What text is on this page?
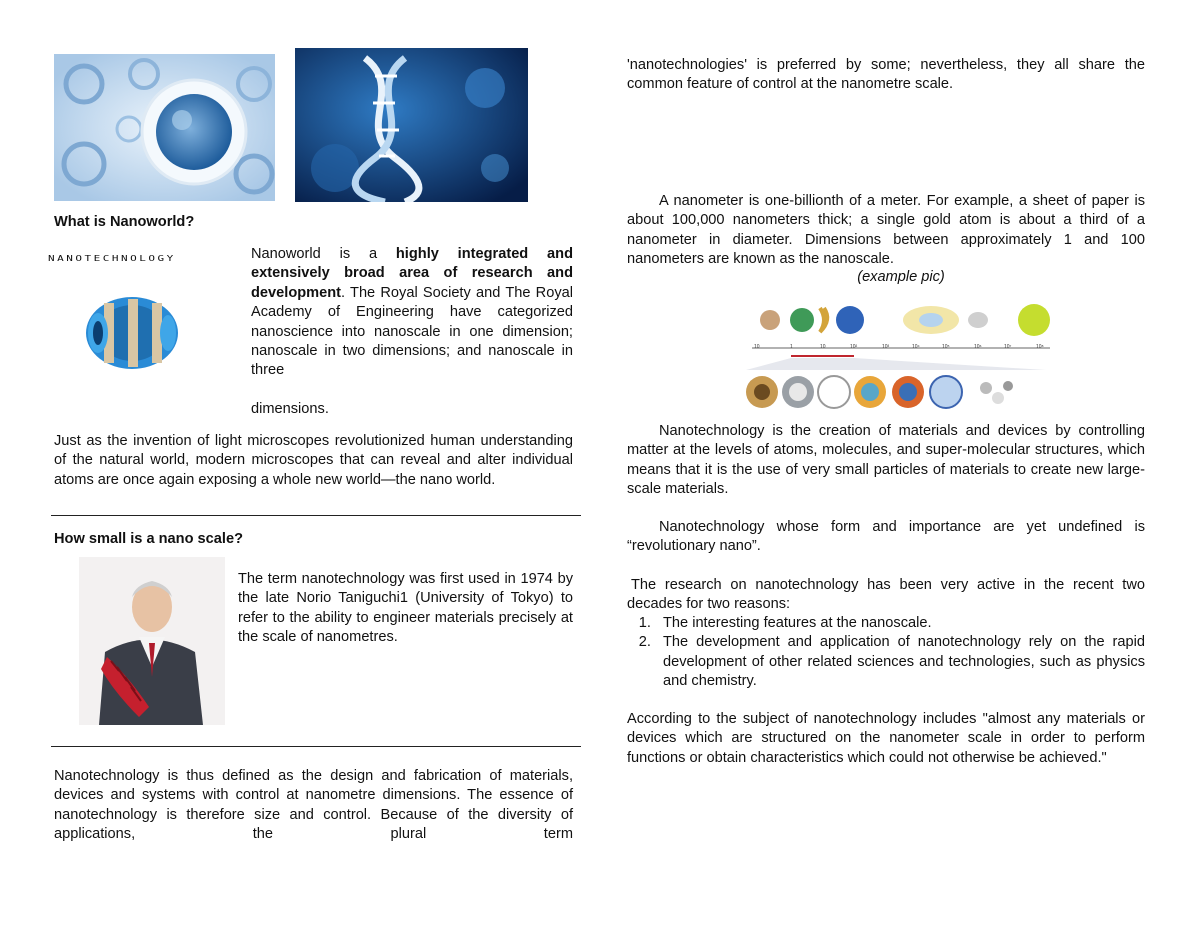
What is Nanoworld?
NANOTECHNOLOGY	Nanoworld is a highly integrated and extensively broad area of research and development. The Royal Society and The Royal Academy of Engineering have categorized nanoscience into nanoscale in one dimension; nanoscale in two dimensions; and nanoscale in three
dimensions.
Just as the invention of light microscopes revolutionized human understanding of the natural world, modern microscopes that can reveal and alter individual atoms are once again exposing a whole new world—the nano world.
How small is a nano scale?
The term nanotechnology was first used in 1974 by the late Norio Taniguchi1 (University of Tokyo) to refer to the ability to engineer materials precisely at the scale of nanometres.
Nanotechnology is thus defined as the design and fabrication of materials, devices and systems with control at nanometre dimensions. The essence of nanotechnology is therefore size and control. Because of the diversity of applications, the plural term
'nanotechnologies' is preferred by some; nevertheless, they all share the common feature of control at the nanometre scale.
A nanometer is one-billionth of a meter. For example, a sheet of paper is about 100,000 nanometers thick; a single gold atom is about a third of a nanometer in diameter. Dimensions between approximately 1 and 100 nanometers are known as the nanoscale.
(example pic)
10	1	10	10²	10³	10⁴	10⁵	10⁶	10⁷	10⁸
Nanotechnology is the creation of materials and devices by controlling matter at the levels of atoms, molecules, and super-molecular structures, which means that it is the use of very small particles of materials to create new large-scale materials.
Nanotechnology whose form and importance are yet undefined is “revolutionary nano”.
The research on nanotechnology has been very active in the recent two decades for two reasons:
1. The interesting features at the nanoscale.
2. The development and application of nanotechnology rely on the rapid development of other related sciences and technologies, such as physics and chemistry.
According to the subject of nanotechnology includes "almost any materials or devices which are structured on the nanometer scale in order to perform functions or obtain characteristics which could not otherwise be achieved."
